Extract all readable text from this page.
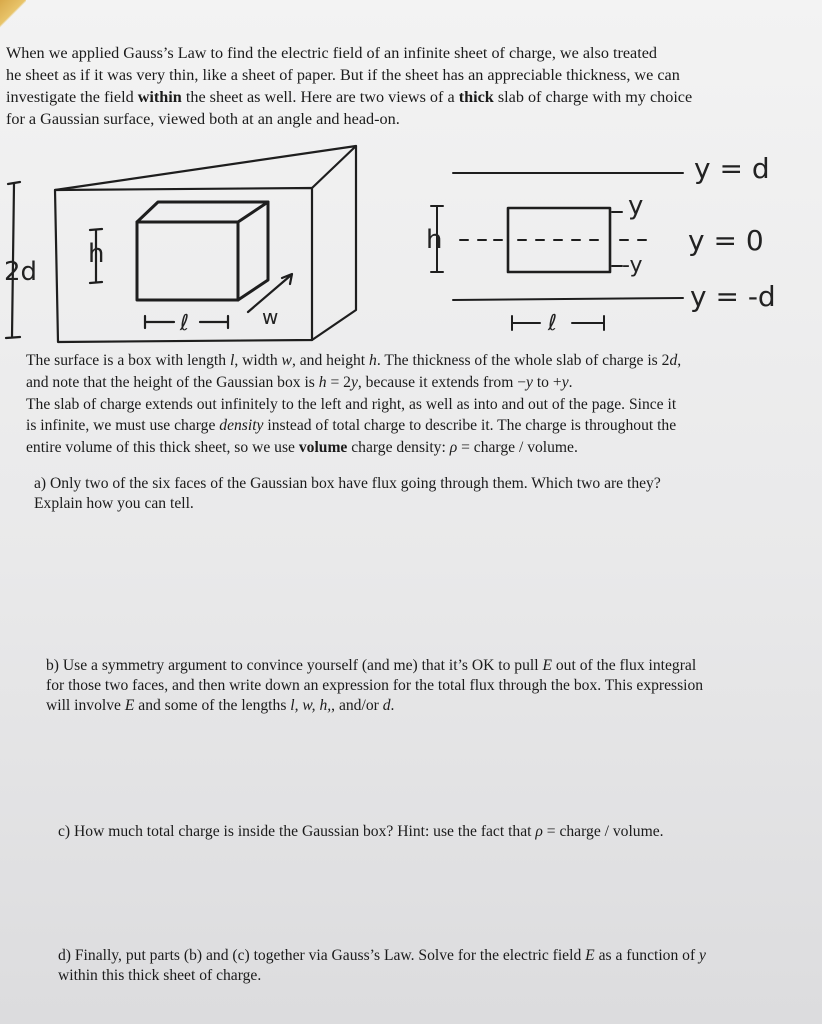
When we applied Gauss’s Law to find the electric field of an infinite sheet of charge, we also treated
he sheet as if it was very thin, like a sheet of paper. But if the sheet has an appreciable thickness, we can
investigate the field within the sheet as well. Here are two views of a thick slab of charge with my choice
for a Gaussian surface, viewed both at an angle and head-on.

2d
h
ℓ	w
h
y
-y
y = d
y = 0
y = -d
ℓ

The surface is a box with length l, width w, and height h. The thickness of the whole slab of charge is 2d,
and note that the height of the Gaussian box is h = 2y, because it extends from −y to +y.
The slab of charge extends out infinitely to the left and right, as well as into and out of the page. Since it
is infinite, we must use charge density instead of total charge to describe it. The charge is throughout the
entire volume of this thick sheet, so we use volume charge density: ρ = charge / volume.

a) Only two of the six faces of the Gaussian box have flux going through them. Which two are they?
Explain how you can tell.

b) Use a symmetry argument to convince yourself (and me) that it’s OK to pull E out of the flux integral
for those two faces, and then write down an expression for the total flux through the box. This expression
will involve E and some of the lengths l, w, h,, and/or d.

c) How much total charge is inside the Gaussian box? Hint: use the fact that ρ = charge / volume.

d) Finally, put parts (b) and (c) together via Gauss’s Law. Solve for the electric field E as a function of y
within this thick sheet of charge.
